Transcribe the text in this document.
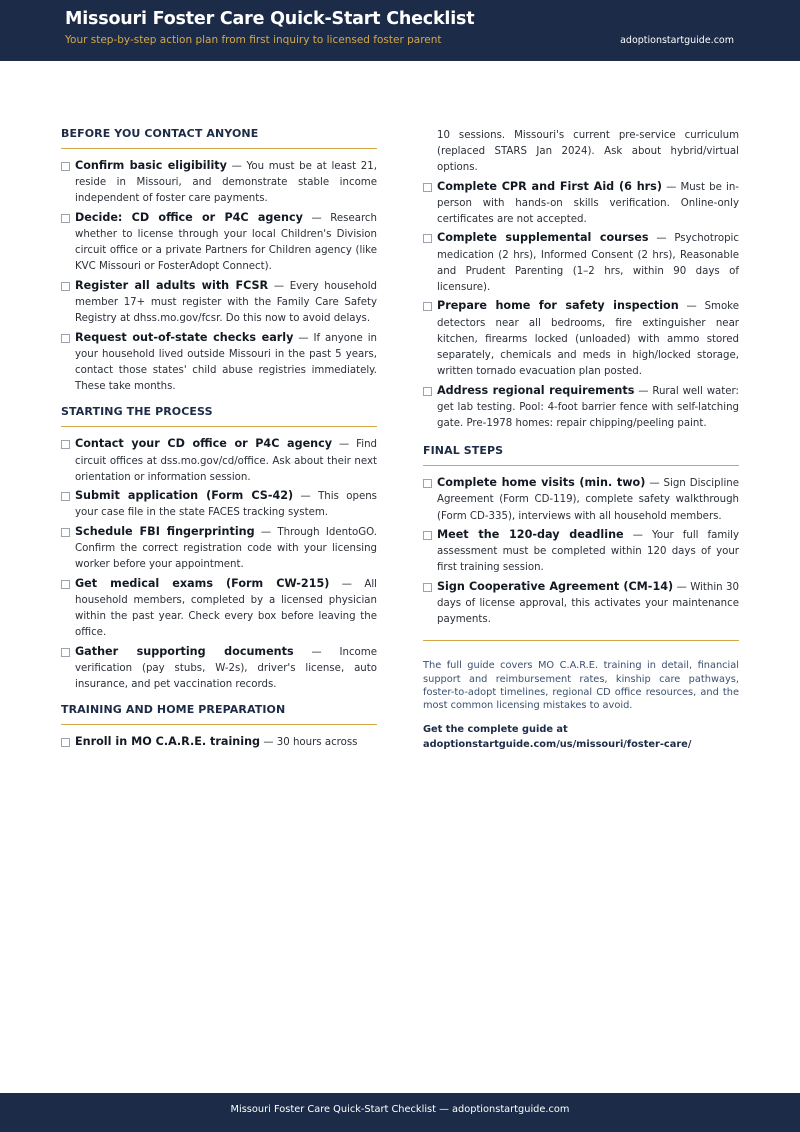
Missouri Foster Care Quick-Start Checklist
Your step-by-step action plan from first inquiry to licensed foster parent	adoptionstartguide.com
BEFORE YOU CONTACT ANYONE
Confirm basic eligibility — You must be at least 21, reside in Missouri, and demonstrate stable income independent of foster care payments.
Decide: CD office or P4C agency — Research whether to license through your local Children's Division circuit office or a private Partners for Children agency (like KVC Missouri or FosterAdopt Connect).
Register all adults with FCSR — Every household member 17+ must register with the Family Care Safety Registry at dhss.mo.gov/fcsr. Do this now to avoid delays.
Request out-of-state checks early — If anyone in your household lived outside Missouri in the past 5 years, contact those states' child abuse registries immediately. These take months.
STARTING THE PROCESS
Contact your CD office or P4C agency — Find circuit offices at dss.mo.gov/cd/office. Ask about their next orientation or information session.
Submit application (Form CS-42) — This opens your case file in the state FACES tracking system.
Schedule FBI fingerprinting — Through IdentoGO. Confirm the correct registration code with your licensing worker before your appointment.
Get medical exams (Form CW-215) — All household members, completed by a licensed physician within the past year. Check every box before leaving the office.
Gather supporting documents — Income verification (pay stubs, W-2s), driver's license, auto insurance, and pet vaccination records.
TRAINING AND HOME PREPARATION
Enroll in MO C.A.R.E. training — 30 hours across
10 sessions. Missouri's current pre-service curriculum (replaced STARS Jan 2024). Ask about hybrid/virtual options.
Complete CPR and First Aid (6 hrs) — Must be in-person with hands-on skills verification. Online-only certificates are not accepted.
Complete supplemental courses — Psychotropic medication (2 hrs), Informed Consent (2 hrs), Reasonable and Prudent Parenting (1–2 hrs, within 90 days of licensure).
Prepare home for safety inspection — Smoke detectors near all bedrooms, fire extinguisher near kitchen, firearms locked (unloaded) with ammo stored separately, chemicals and meds in high/locked storage, written tornado evacuation plan posted.
Address regional requirements — Rural well water: get lab testing. Pool: 4-foot barrier fence with self-latching gate. Pre-1978 homes: repair chipping/peeling paint.
FINAL STEPS
Complete home visits (min. two) — Sign Discipline Agreement (Form CD-119), complete safety walkthrough (Form CD-335), interviews with all household members.
Meet the 120-day deadline — Your full family assessment must be completed within 120 days of your first training session.
Sign Cooperative Agreement (CM-14) — Within 30 days of license approval, this activates your maintenance payments.
The full guide covers MO C.A.R.E. training in detail, financial support and reimbursement rates, kinship care pathways, foster-to-adopt timelines, regional CD office resources, and the most common licensing mistakes to avoid.
Get the complete guide at
adoptionstartguide.com/us/missouri/foster-care/
Missouri Foster Care Quick-Start Checklist — adoptionstartguide.com
